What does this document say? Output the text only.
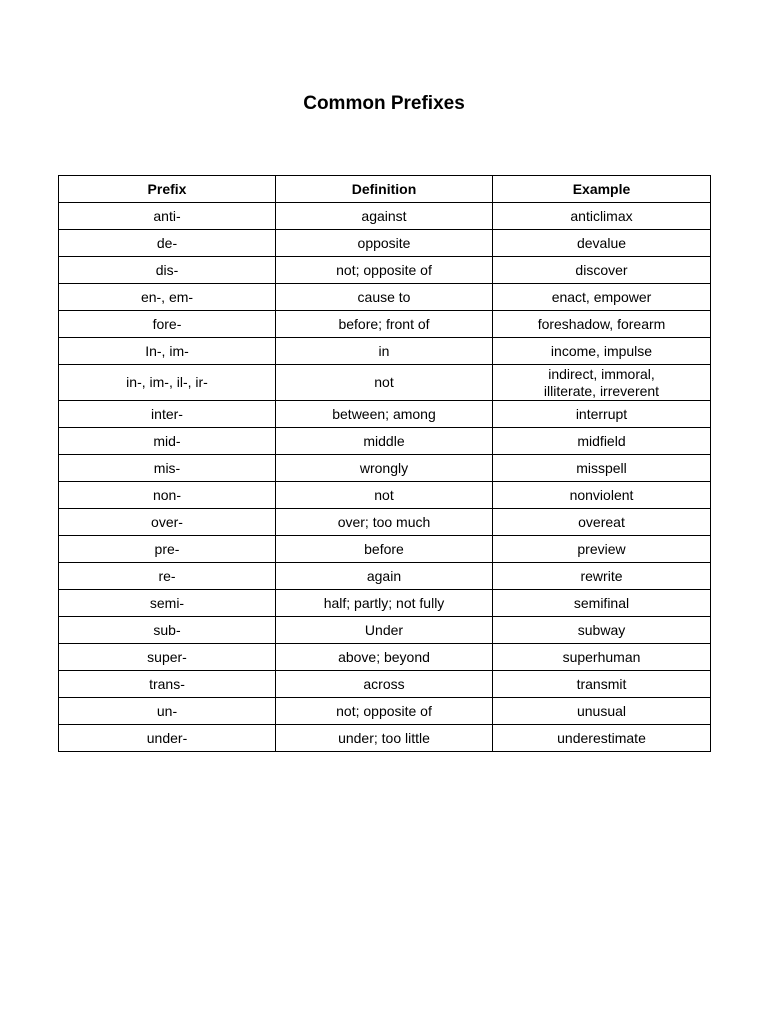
Common Prefixes
Prefix	Definition	Example
anti-	against	anticlimax
de-	opposite	devalue
dis-	not; opposite of	discover
en-, em-	cause to	enact, empower
fore-	before; front of	foreshadow, forearm
In-, im-	in	income, impulse
in-, im-, il-, ir-	not	indirect, immoral,
illiterate, irreverent
inter-	between; among	interrupt
mid-	middle	midfield
mis-	wrongly	misspell
non-	not	nonviolent
over-	over; too much	overeat
pre-	before	preview
re-	again	rewrite
semi-	half; partly; not fully	semifinal
sub-	Under	subway
super-	above; beyond	superhuman
trans-	across	transmit
un-	not; opposite of	unusual
under-	under; too little	underestimate
